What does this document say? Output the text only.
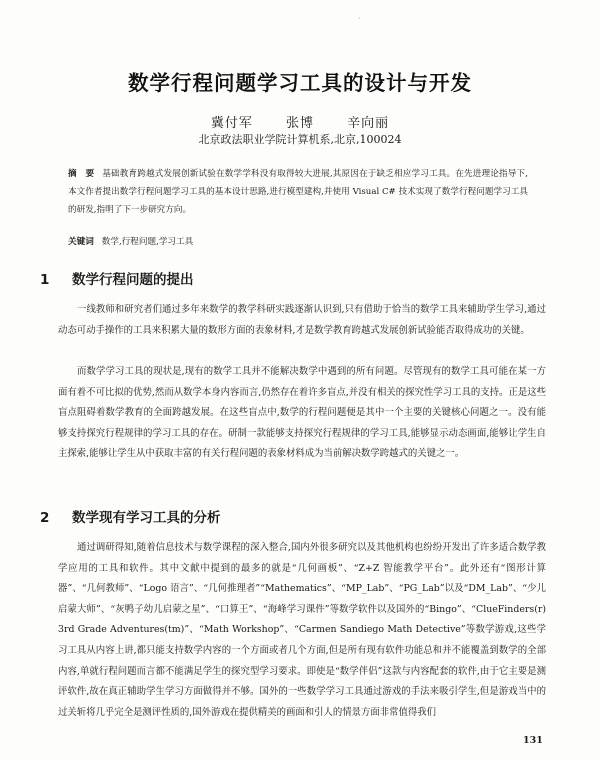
·
数学行程问题学习工具的设计与开发
冀付军	张博	辛向丽
北京政法职业学院计算机系,北京,100024
摘　要 基础教育跨越式发展创新试验在数学学科没有取得较大进展,其原因在于缺乏相应学习工具。在先进理论指导下,本文作者提出数学行程问题学习工具的基本设计思路,进行模型建构,并使用 Visual C# 技术实现了数学行程问题学习工具的研发,指明了下一步研究方向。
关键词 数学,行程问题,学习工具
1 数学行程问题的提出

一线教师和研究者们通过多年来数学的教学科研实践逐渐认识到,只有借助于恰当的数学工具来辅助学生学习,通过动态可动手操作的工具来积累大量的数形方面的表象材料,才是数学教育跨越式发展创新试验能否取得成功的关键。

而数学学习工具的现状是,现有的数学工具并不能解决数学中遇到的所有问题。尽管现有的数学工具可能在某一方面有着不可比拟的优势,然而从数学本身内容而言,仍然存在着许多盲点,并没有相关的探究性学习工具的支持。正是这些盲点阻碍着数学教育的全面跨越发展。在这些盲点中,数学的行程问题便是其中一个主要的关键核心问题之一。没有能够支持探究行程规律的学习工具的存在。研制一款能够支持探究行程规律的学习工具,能够显示动态画面,能够让学生自主探索,能够让学生从中获取丰富的有关行程问题的表象材料成为当前解决数学跨越式的关键之一。

2 数学现有学习工具的分析

通过调研得知,随着信息技术与数学课程的深入整合,国内外很多研究以及其他机构也纷纷开发出了许多适合数学教学应用的工具和软件。其中文献中提到的最多的就是“几何画板”、“Z+Z 智能教学平台”。此外还有“图形计算器”、“几何教师”、“Logo 语言”、“几何推理者”“Mathematics”、“MP_Lab”、“PG_Lab”以及“DM_Lab”、“少儿启蒙大师”、“灰鸭子幼儿启蒙之星”、“口算王”、“海峰学习课件”等数学软件以及国外的“Bingo”、“ClueFinders(r) 3rd Grade Adventures(tm)”、“Math Workshop”、“Carmen Sandiego Math Detective”等数学游戏,这些学习工具从内容上讲,都只能支持数学内容的一个方面或者几个方面,但是所有现有软件功能总和并不能覆盖到数学的全部内容,单就行程问题而言都不能满足学生的探究型学习要求。即使是“数学伴侣”这款与内容配套的软件,由于它主要是测评软件,故在真正辅助学生学习方面做得并不够。国外的一些数学学习工具通过游戏的手法来吸引学生,但是游戏当中的过关斩将几乎完全是测评性质的,国外游戏在提供精美的画面和引人的情景方面非常值得我们

131
